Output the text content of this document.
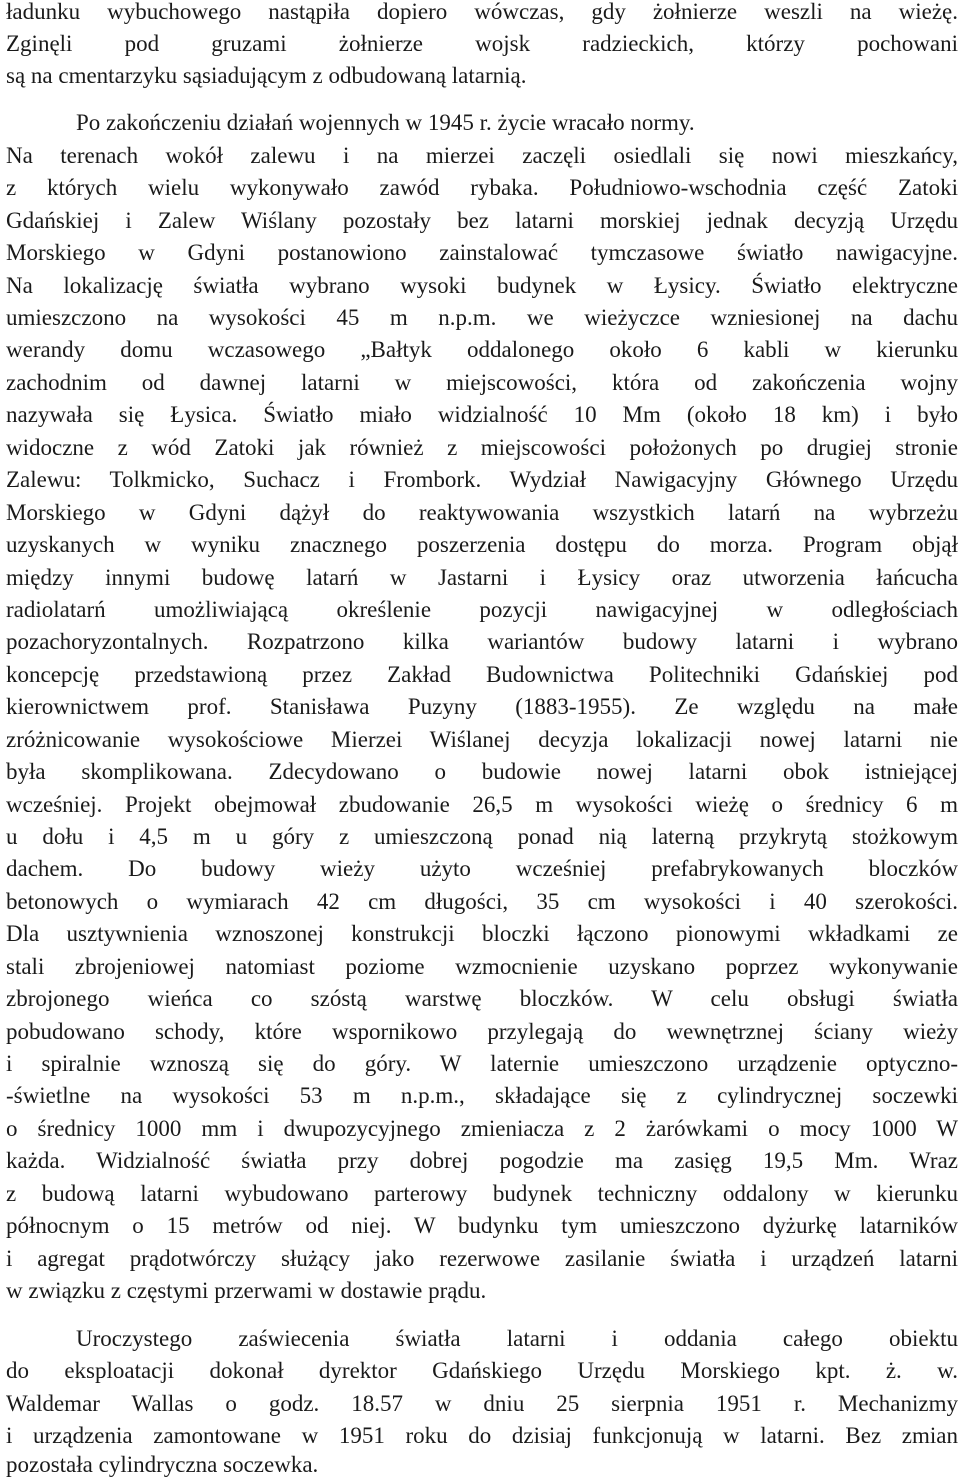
ładunku wybuchowego nastąpiła dopiero wówczas, gdy żołnierze weszli na wieżę.
Zginęli pod gruzami żołnierze wojsk radzieckich, którzy pochowani
są na cmentarzyku sąsiadującym z odbudowaną latarnią.
Po zakończeniu działań wojennych w 1945 r. życie wracało normy.
Na terenach wokół zalewu i na mierzei zaczęli osiedlali się nowi mieszkańcy,
z których wielu wykonywało zawód rybaka. Południowo-wschodnia część Zatoki
Gdańskiej i Zalew Wiślany pozostały bez latarni morskiej jednak decyzją Urzędu
Morskiego w Gdyni postanowiono zainstalować tymczasowe światło nawigacyjne.
Na lokalizację światła wybrano wysoki budynek w Łysicy. Światło elektryczne
umieszczono na wysokości 45 m n.p.m. we wieżyczce wzniesionej na dachu
werandy domu wczasowego „Bałtyk oddalonego około 6 kabli w kierunku
zachodnim od dawnej latarni w miejscowości, która od zakończenia wojny
nazywała się Łysica. Światło miało widzialność 10 Mm (około 18 km) i było
widoczne z wód Zatoki jak również z miejscowości położonych po drugiej stronie
Zalewu: Tolkmicko, Suchacz i Frombork. Wydział Nawigacyjny Głównego Urzędu
Morskiego w Gdyni dążył do reaktywowania wszystkich latarń na wybrzeżu
uzyskanych w wyniku znacznego poszerzenia dostępu do morza. Program objął
między innymi budowę latarń w Jastarni i Łysicy oraz utworzenia łańcucha
radiolatarń umożliwiającą określenie pozycji nawigacyjnej w odległościach
pozachoryzontalnych. Rozpatrzono kilka wariantów budowy latarni i wybrano
koncepcję przedstawioną przez Zakład Budownictwa Politechniki Gdańskiej pod
kierownictwem prof. Stanisława Puzyny (1883-1955). Ze względu na małe
zróżnicowanie wysokościowe Mierzei Wiślanej decyzja lokalizacji nowej latarni nie
była skomplikowana. Zdecydowano o budowie nowej latarni obok istniejącej
wcześniej. Projekt obejmował zbudowanie 26,5 m wysokości wieżę o średnicy 6 m
u dołu i 4,5 m u góry z umieszczoną ponad nią laterną przykrytą stożkowym
dachem. Do budowy wieży użyto wcześniej prefabrykowanych bloczków
betonowych o wymiarach 42 cm długości, 35 cm wysokości i 40 szerokości.
Dla usztywnienia wznoszonej konstrukcji bloczki łączono pionowymi wkładkami ze
stali zbrojeniowej natomiast poziome wzmocnienie uzyskano poprzez wykonywanie
zbrojonego wieńca co szóstą warstwę bloczków. W celu obsługi światła
pobudowano schody, które wspornikowo przylegają do wewnętrznej ściany wieży
i spiralnie wznoszą się do góry. W laternie umieszczono urządzenie optyczno-
-świetlne na wysokości 53 m n.p.m., składające się z cylindrycznej soczewki
o średnicy 1000 mm i dwupozycyjnego zmieniacza z 2 żarówkami o mocy 1000 W
każda. Widzialność światła przy dobrej pogodzie ma zasięg 19,5 Mm. Wraz
z budową latarni wybudowano parterowy budynek techniczny oddalony w kierunku
północnym o 15 metrów od niej. W budynku tym umieszczono dyżurkę latarników
i agregat prądotwórczy służący jako rezerwowe zasilanie światła i urządzeń latarni
w związku z częstymi przerwami w dostawie prądu.
Uroczystego zaświecenia światła latarni i oddania całego obiektu
do eksploatacji dokonał dyrektor Gdańskiego Urzędu Morskiego kpt. ż. w.
Waldemar Wallas o godz. 18.57 w dniu 25 sierpnia 1951 r. Mechanizmy
i urządzenia zamontowane w 1951 roku do dzisiaj funkcjonują w latarni. Bez zmian
pozostała cylindryczna soczewka.
